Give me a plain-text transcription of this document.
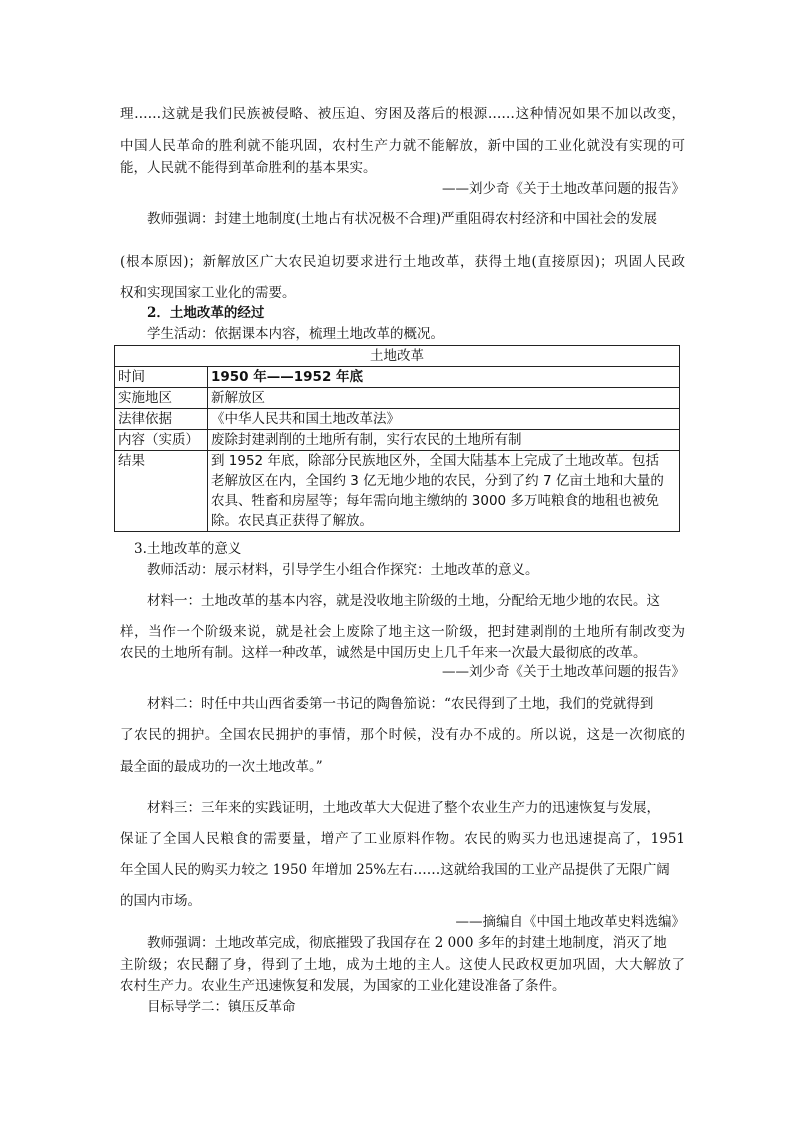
理……这就是我们民族被侵略、被压迫、穷困及落后的根源……这种情况如果不加以改变，
中国人民革命的胜利就不能巩固，农村生产力就不能解放，新中国的工业化就没有实现的可
能，人民就不能得到革命胜利的基本果实。
——刘少奇《关于土地改革问题的报告》
教师强调：封建土地制度(土地占有状况极不合理)严重阻碍农村经济和中国社会的发展
(根本原因)；新解放区广大农民迫切要求进行土地改革，获得土地(直接原因)；巩固人民政
权和实现国家工业化的需要。
2．土地改革的经过
学生活动：依据课本内容，梳理土地改革的概况。
土地改革	
时间	1950 年——1952 年底
实施地区	新解放区
法律依据	《中华人民共和国土地改革法》
内容（实质）	废除封建剥削的土地所有制，实行农民的土地所有制
结果	到 1952 年底，除部分民族地区外，全国大陆基本上完成了土地改革。包括
老解放区在内，全国约 3 亿无地少地的农民，分到了约 7 亿亩土地和大量的
农具、牲畜和房屋等；每年需向地主缴纳的 3000 多万吨粮食的地租也被免
除。农民真正获得了解放。
3.土地改革的意义
教师活动：展示材料，引导学生小组合作探究：土地改革的意义。
材料一：土地改革的基本内容，就是没收地主阶级的土地，分配给无地少地的农民。这
样，当作一个阶级来说，就是社会上废除了地主这一阶级，把封建剥削的土地所有制改变为
农民的土地所有制。这样一种改革，诚然是中国历史上几千年来一次最大最彻底的改革。
——刘少奇《关于土地改革问题的报告》
材料二：时任中共山西省委第一书记的陶鲁笳说：“农民得到了土地，我们的党就得到
了农民的拥护。全国农民拥护的事情，那个时候，没有办不成的。所以说，这是一次彻底的
最全面的最成功的一次土地改革。”
材料三：三年来的实践证明，土地改革大大促进了整个农业生产力的迅速恢复与发展，
保证了全国人民粮食的需要量，增产了工业原料作物。农民的购买力也迅速提高了，1951
年全国人民的购买力较之 1950 年增加 25%左右……这就给我国的工业产品提供了无限广阔
的国内市场。
——摘编自《中国土地改革史料选编》
教师强调：土地改革完成，彻底摧毁了我国存在 2 000 多年的封建土地制度，消灭了地
主阶级；农民翻了身，得到了土地，成为土地的主人。这使人民政权更加巩固，大大解放了
农村生产力。农业生产迅速恢复和发展，为国家的工业化建设准备了条件。
目标导学二：镇压反革命
